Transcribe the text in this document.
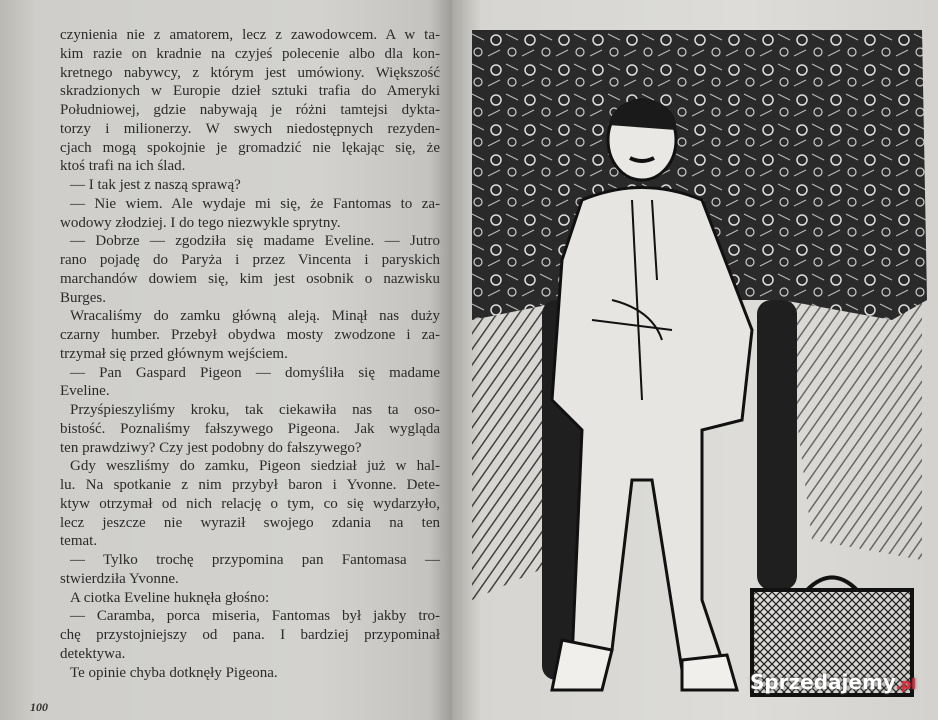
100
czynienia nie z amatorem, lecz z zawodowcem. A w ta-
kim razie on kradnie na czyjeś polecenie albo dla kon-
kretnego nabywcy, z którym jest umówiony. Większość
skradzionych w Europie dzieł sztuki trafia do Ameryki
Południowej, gdzie nabywają je różni tamtejsi dykta-
torzy i milionerzy. W swych niedostępnych rezyden-
cjach mogą spokojnie je gromadzić nie lękając się, że
ktoś trafi na ich ślad.
— I tak jest z naszą sprawą?
— Nie wiem. Ale wydaje mi się, że Fantomas to za-
wodowy złodziej. I do tego niezwykle sprytny.
— Dobrze — zgodziła się madame Eveline. — Jutro
rano pojadę do Paryża i przez Vincenta i paryskich
marchandów dowiem się, kim jest osobnik o nazwisku
Burges.
Wracaliśmy do zamku główną aleją. Minął nas duży
czarny humber. Przebył obydwa mosty zwodzone i za-
trzymał się przed głównym wejściem.
— Pan Gaspard Pigeon — domyśliła się madame
Eveline.
Przyśpieszyliśmy kroku, tak ciekawiła nas ta oso-
bistość. Poznaliśmy fałszywego Pigeona. Jak wygląda
ten prawdziwy? Czy jest podobny do fałszywego?
Gdy weszliśmy do zamku, Pigeon siedział już w hal-
lu. Na spotkanie z nim przybył baron i Yvonne. Dete-
ktyw otrzymał od nich relację o tym, co się wydarzyło,
lecz jeszcze nie wyraził swojego zdania na ten
temat.
— Tylko trochę przypomina pan Fantomasa —
stwierdziła Yvonne.
A ciotka Eveline huknęła głośno:
— Caramba, porca miseria, Fantomas był jakby tro-
chę przystojniejszy od pana. I bardziej przypominał
detektywa.
Te opinie chyba dotknęły Pigeona.	Sprzedajemy.pl
